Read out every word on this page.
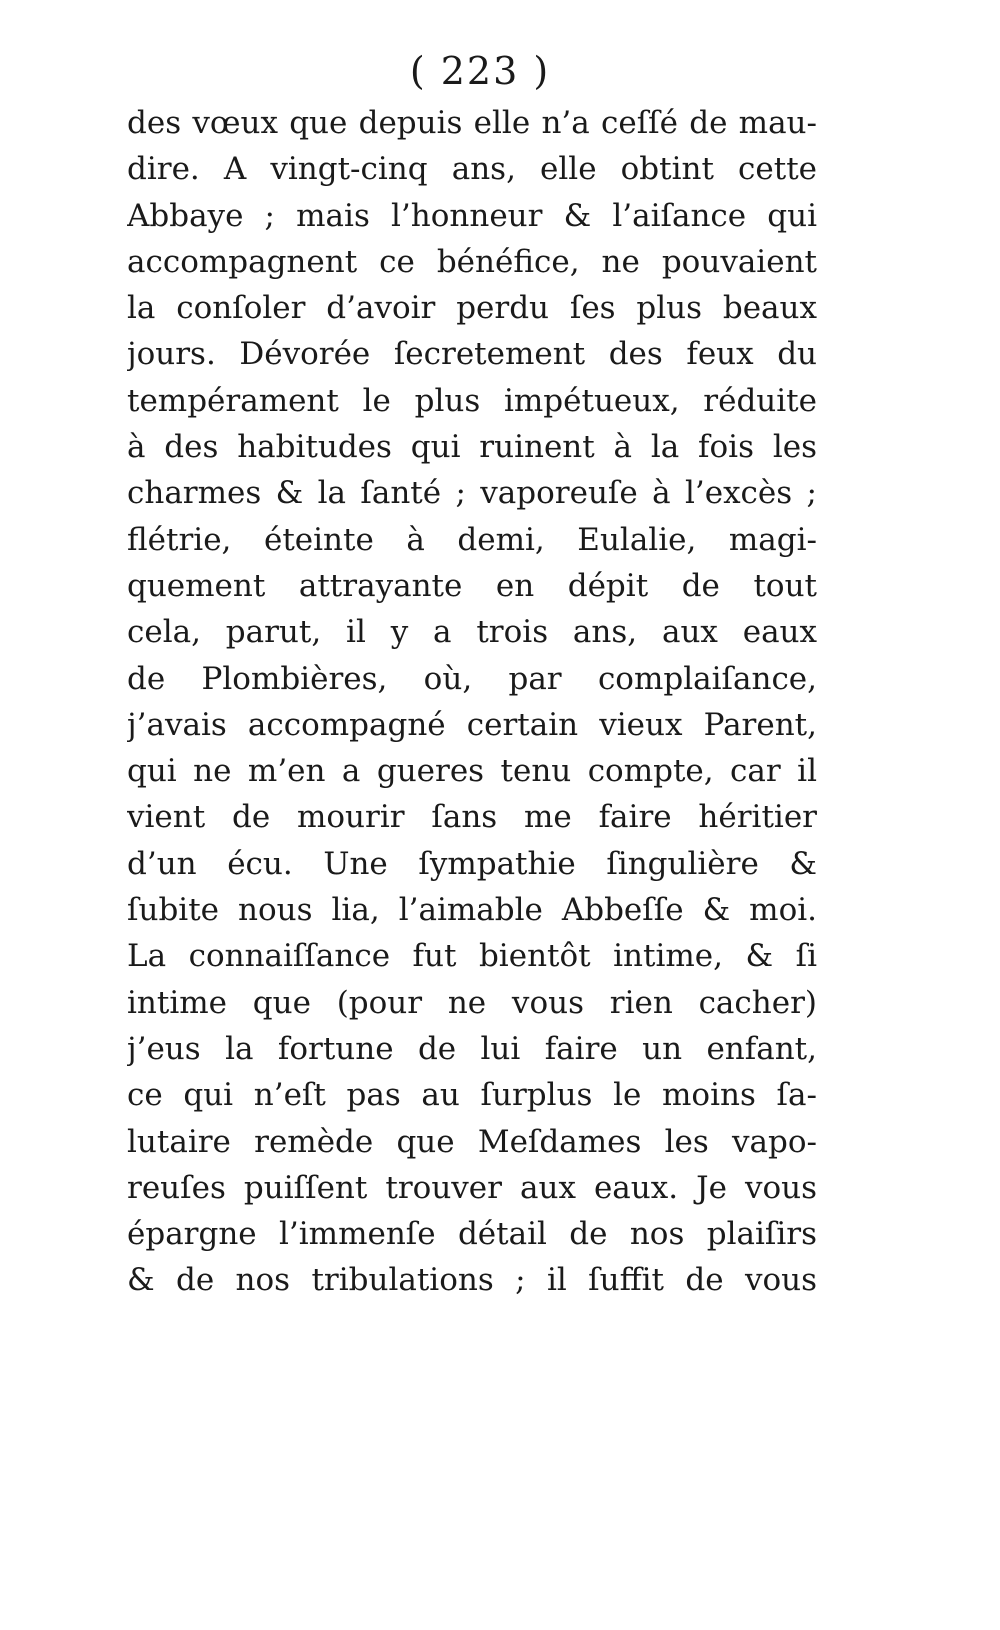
( 223 )
des vœux que depuis elle n’a ceſſé de mau-
dire. A vingt-cinq ans, elle obtint cette
Abbaye ; mais l’honneur & l’aiſance qui
accompagnent ce bénéfice, ne pouvaient
la conſoler d’avoir perdu ſes plus beaux
jours. Dévorée ſecretement des feux du
tempérament le plus impétueux, réduite
à des habitudes qui ruinent à la fois les
charmes & la ſanté ; vaporeuſe à l’excès ;
flétrie, éteinte à demi, Eulalie, magi-
quement attrayante en dépit de tout
cela, parut, il y a trois ans, aux eaux
de Plombières, où, par complaiſance,
j’avais accompagné certain vieux Parent,
qui ne m’en a gueres tenu compte, car il
vient de mourir ſans me faire héritier
d’un écu. Une ſympathie ſingulière &
ſubite nous lia, l’aimable Abbeſſe & moi.
La connaiſſance fut bientôt intime, & ſi
intime que (pour ne vous rien cacher)
j’eus la fortune de lui faire un enfant,
ce qui n’eſt pas au ſurplus le moins ſa-
lutaire remède que Meſdames les vapo-
reuſes puiſſent trouver aux eaux. Je vous
épargne l’immenſe détail de nos plaiſirs
& de nos tribulations ; il ſuffit de vous
